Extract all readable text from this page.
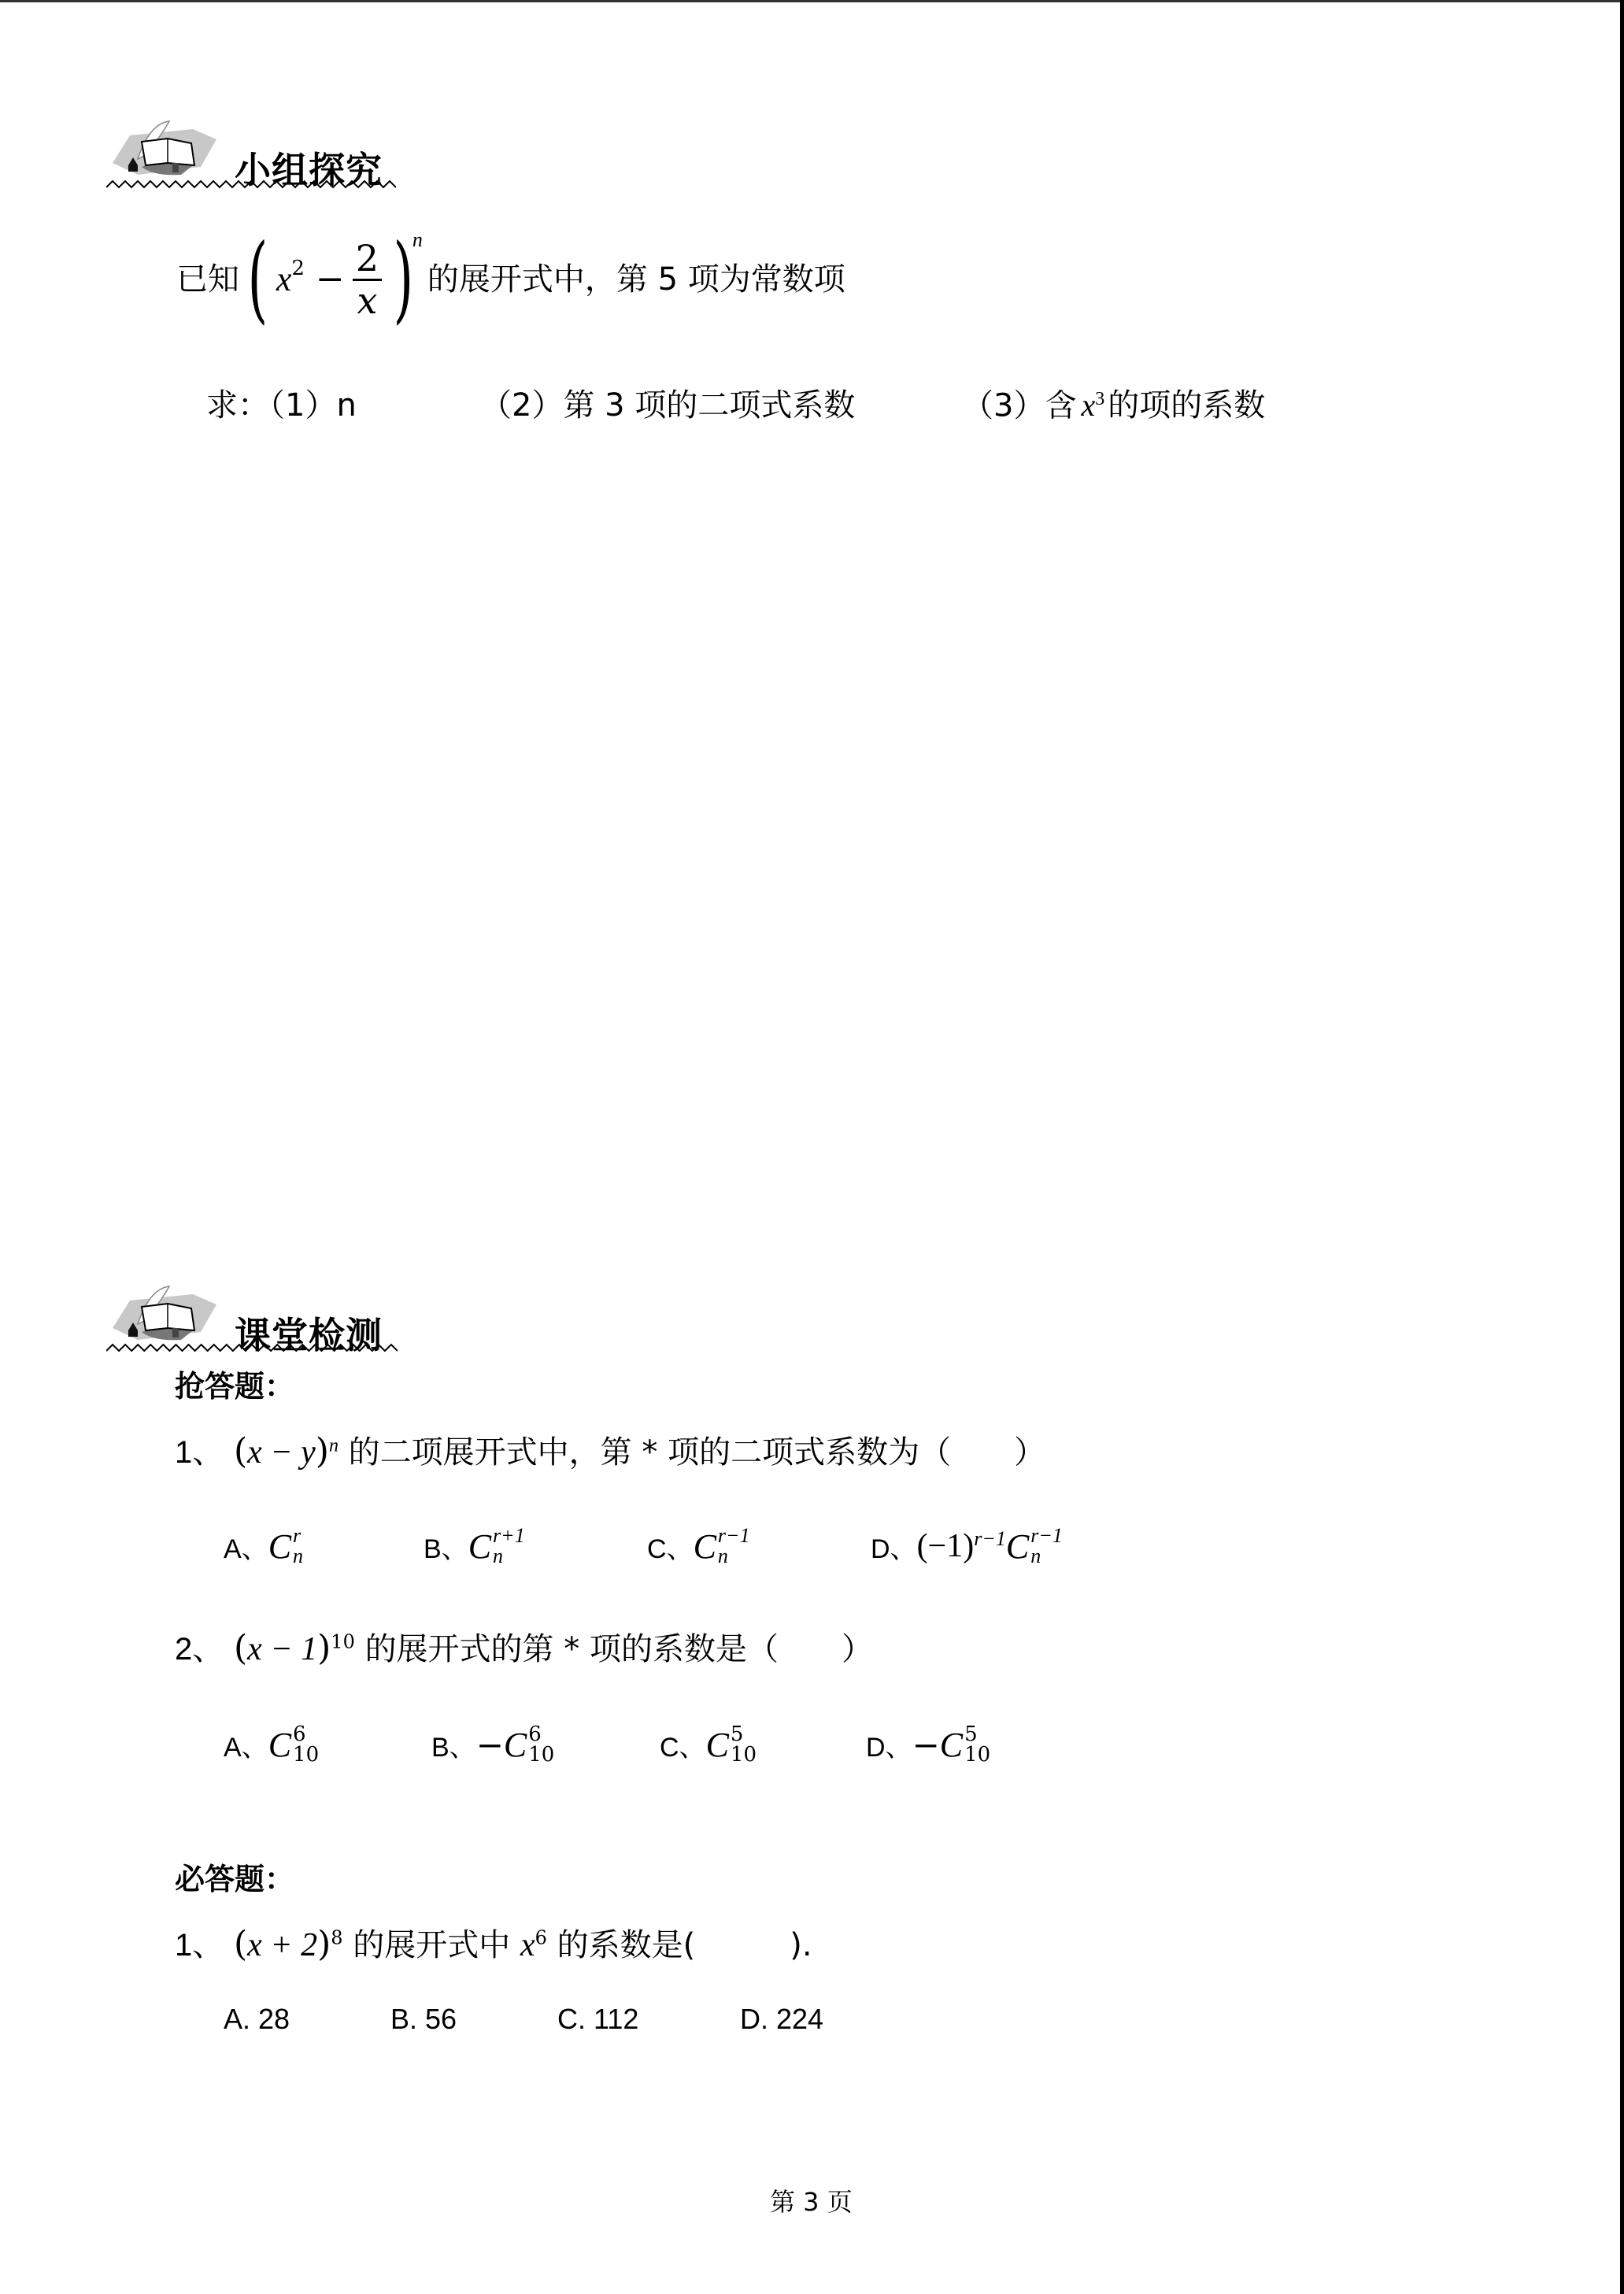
小组探究
已知 ( $x^2 - \frac{2}{x}$ )
n
的展开式中，第 5 项为常数项
求：
（1）n	（2）第 3 项的二项式系数	（3）含 $x^3$ 的项的系数
课堂检测
抢答题：
1、 $(x - y)^n$ 的二项展开式中，第 * 项的二项式系数为（　　）
A、 C r
n	B、 C r+1
n	C、 C r−1
n	D、 (−1) r−1 C r−1
n
2、 $(x - 1)^{10}$ 的展开式的第 * 项的系数是（　　）
A、 C 6
10	B、 − C 6
10	C、 C 5
10	D、 − C 5
10
必答题：
1、 $(x + 2)^8$ 的展开式中 $x^6$ 的系数是(　　　).
A. 28	B. 56	C. 112	D. 224
第 3 页
